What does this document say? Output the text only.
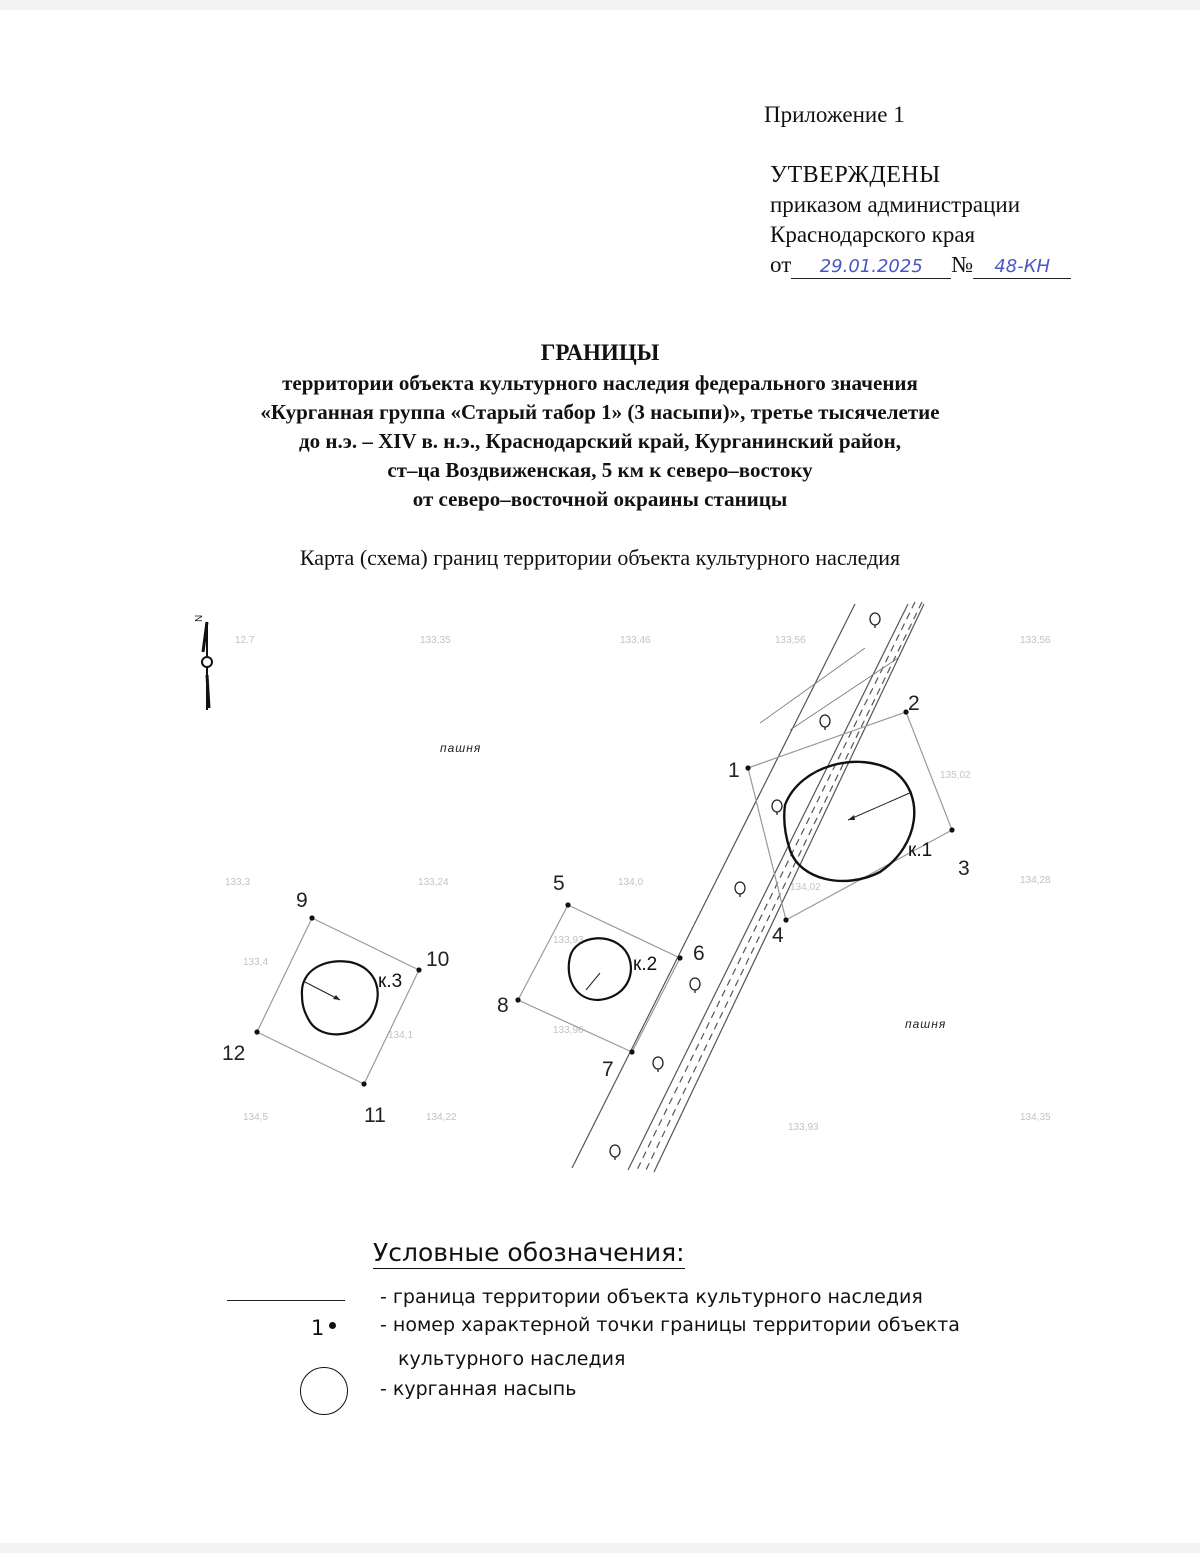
Приложение 1
УТВЕРЖДЕНЫ
приказом администрации
Краснодарского края
от 29.01.2025 № 48-КН
ГРАНИЦЫ
территории объекта культурного наследия федерального значения
«Курганная группа «Старый табор 1» (3 насыпи)», третье тысячелетие
до н.э. – XIV в. н.э., Краснодарский край, Курганинский район,
ст–ца Воздвиженская, 5 км к северо–востоку
от северо–восточной окраины станицы
Карта (схема) границ территории объекта культурного наследия
N
12.7	133,35	133,46	133,56	133,56
135,02
133,3	133,24	134,0	134,02
134,28
133,93
133,4
134,1	133,96
134,5	134,22
133,93
134,35
1
2
3
4
5
6
7
8
9
10
11
12
к.1
к.2
к.3
пашня
пашня
Условные обозначения:
- граница территории объекта культурного наследия
1	- номер характерной точки границы территории объекта
культурного наследия
- курганная насыпь
